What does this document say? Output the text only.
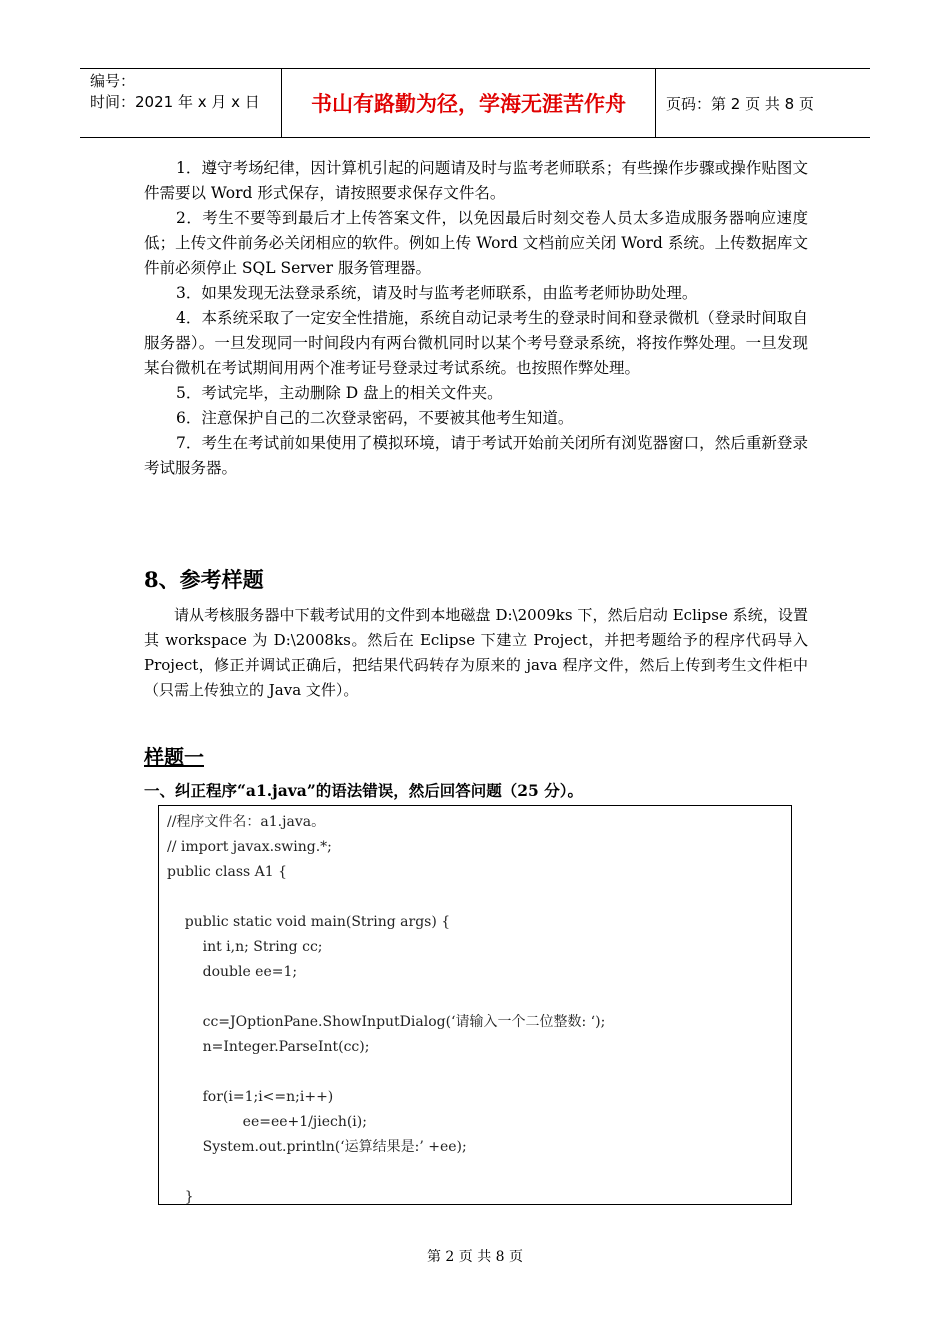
编号：
时间：2021 年 x 月 x 日	书山有路勤为径，学海无涯苦作舟	页码：第 2 页 共 8 页

1．遵守考场纪律，因计算机引起的问题请及时与监考老师联系；有些操作步骤或操作贴图文件需要以 Word 形式保存，请按照要求保存文件名。

2．考生不要等到最后才上传答案文件，以免因最后时刻交卷人员太多造成服务器响应速度低；上传文件前务必关闭相应的软件。例如上传 Word 文档前应关闭 Word 系统。上传数据库文件前必须停止 SQL Server 服务管理器。

3．如果发现无法登录系统，请及时与监考老师联系，由监考老师协助处理。

4．本系统采取了一定安全性措施，系统自动记录考生的登录时间和登录微机（登录时间取自服务器）。一旦发现同一时间段内有两台微机同时以某个考号登录系统，将按作弊处理。一旦发现某台微机在考试期间用两个准考证号登录过考试系统。也按照作弊处理。

5．考试完毕，主动删除 D 盘上的相关文件夹。

6．注意保护自己的二次登录密码，不要被其他考生知道。

7．考生在考试前如果使用了模拟环境，请于考试开始前关闭所有浏览器窗口，然后重新登录考试服务器。

8、参考样题

请从考核服务器中下载考试用的文件到本地磁盘 D:\2009ks 下，然后启动 Eclipse 系统，设置其 workspace 为 D:\2008ks。然后在 Eclipse 下建立 Project，并把考题给予的程序代码导入 Project，修正并调试正确后，把结果代码转存为原来的 java 程序文件，然后上传到考生文件柜中（只需上传独立的 Java 文件）。

样题一
一、纠正程序“a1.java”的语法错误，然后回答问题（25 分）。
//程序文件名：a1.java。
// import javax.swing.*;
public class A1 {
public static void main(String args) {
int i,n; String cc;
double ee=1;
cc=JOptionPane.ShowInputDialog(‘请输入一个二位整数: ‘);
n=Integer.ParseInt(cc);
for(i=1;i<=n;i++)
ee=ee+1/jiech(i);
System.out.println(‘运算结果是:’ +ee);
}
第 2 页 共 8 页
